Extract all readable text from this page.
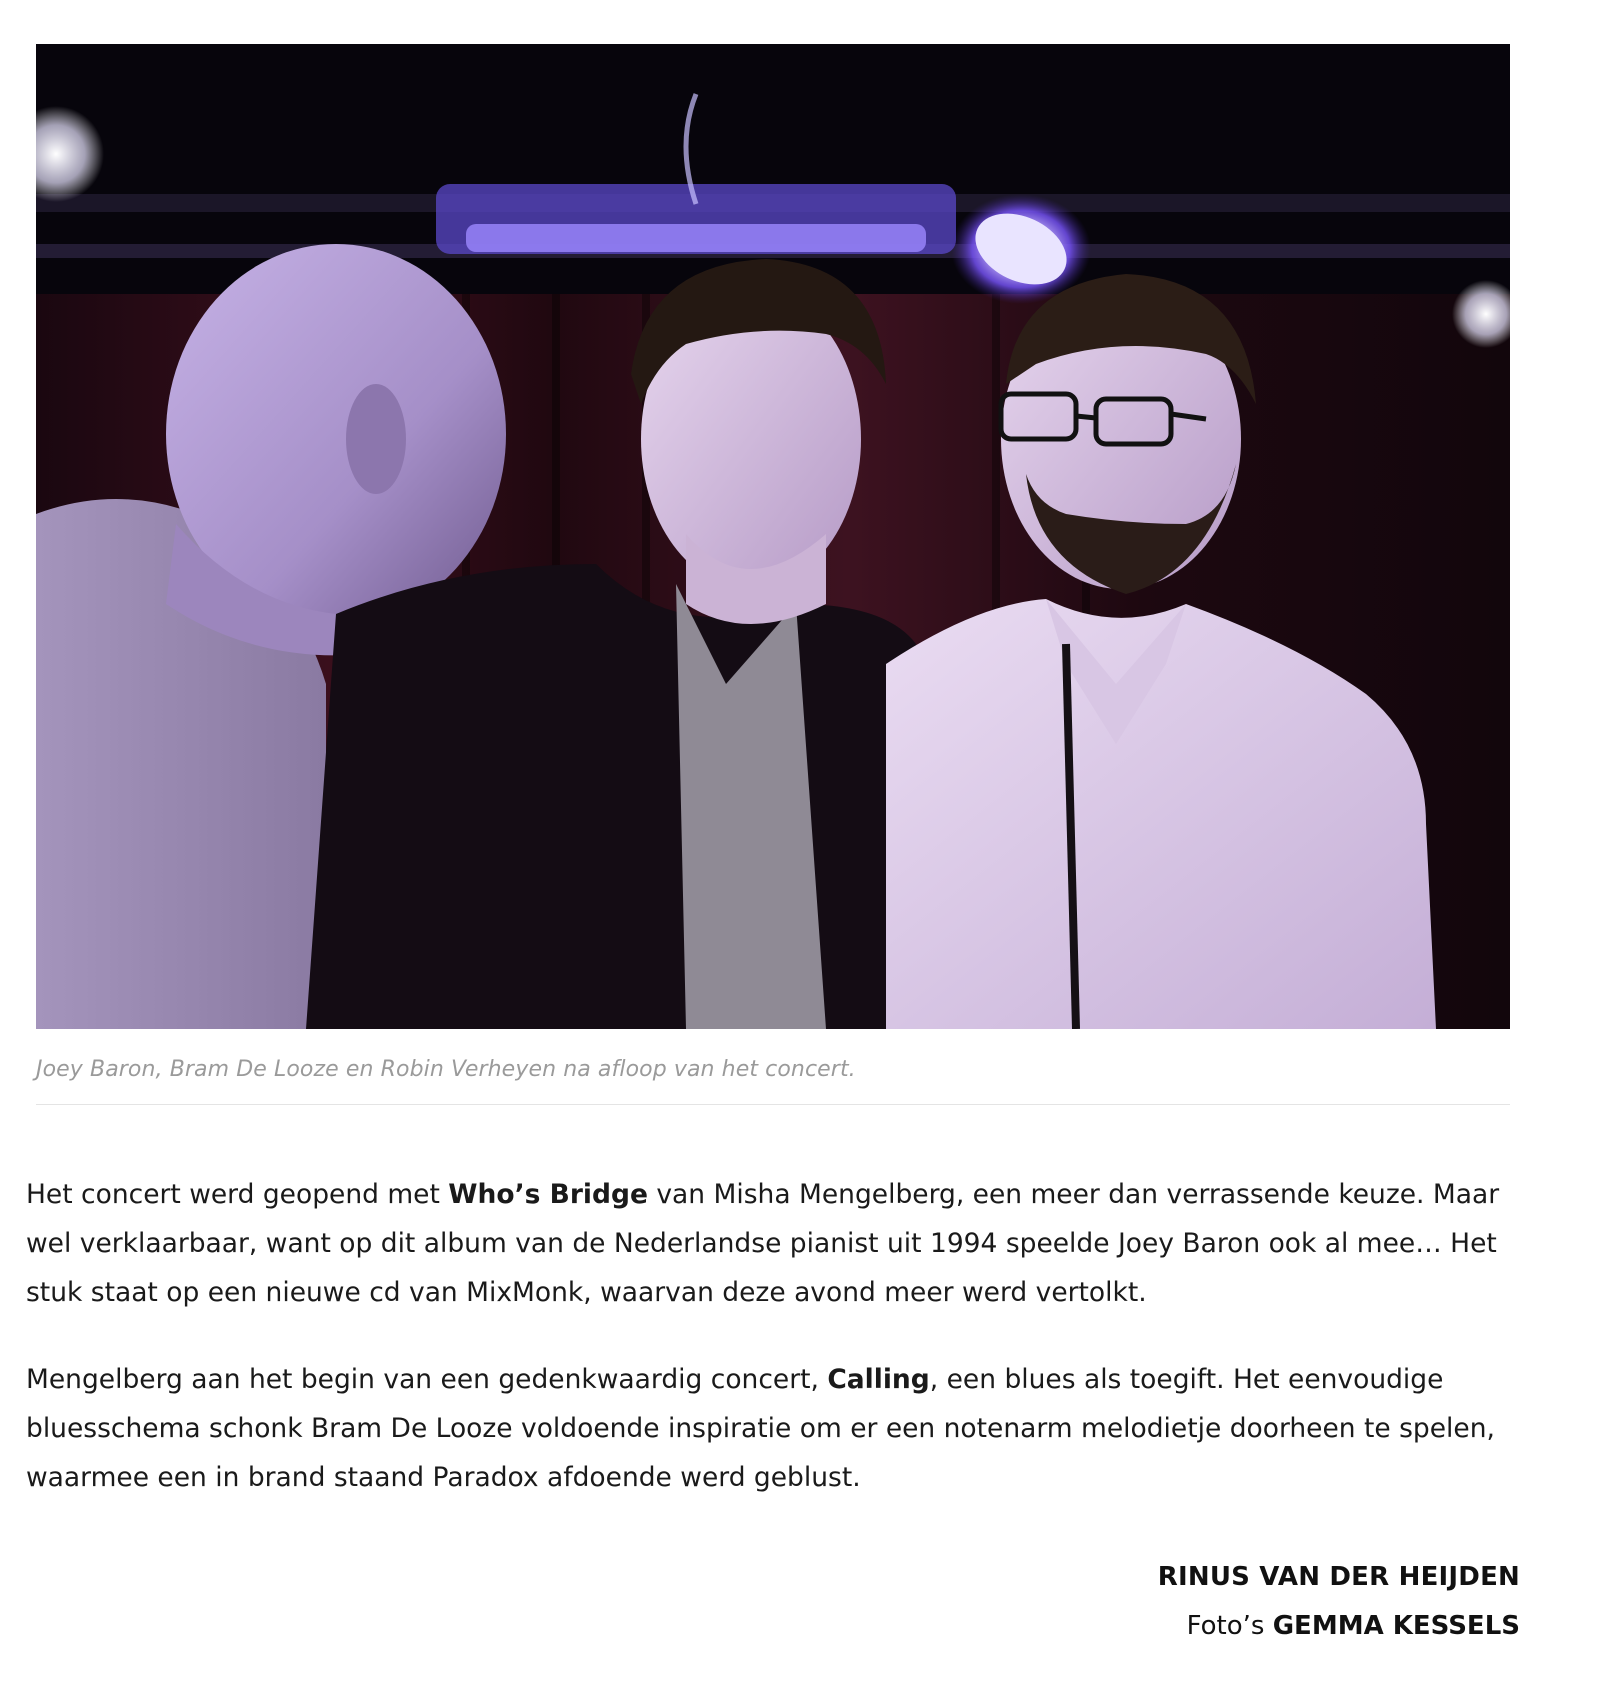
Joey Baron, Bram De Looze en Robin Verheyen na afloop van het concert.

Het concert werd geopend met Who’s Bridge van Misha Mengelberg, een meer dan verrassende keuze. Maar wel verklaarbaar, want op dit album van de Nederlandse pianist uit 1994 speelde Joey Baron ook al mee… Het stuk staat op een nieuwe cd van MixMonk, waarvan deze avond meer werd vertolkt.

Mengelberg aan het begin van een gedenkwaardig concert, Calling, een blues als toegift. Het eenvoudige bluesschema schonk Bram De Looze voldoende inspiratie om er een notenarm melodietje doorheen te spelen, waarmee een in brand staand Paradox afdoende werd geblust.

RINUS VAN DER HEIJDEN
Foto’s GEMMA KESSELS
